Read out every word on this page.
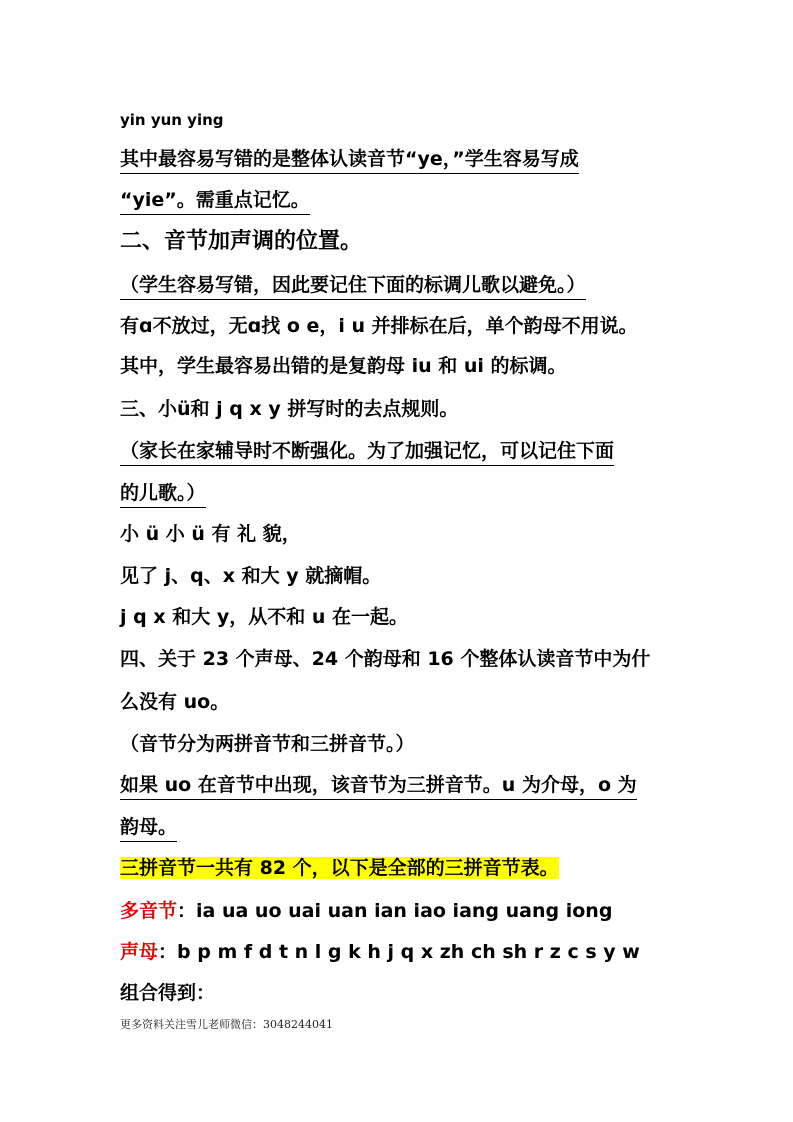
yin yun ying
其中最容易写错的是整体认读音节“ye，”学生容易写成
“yie”。需重点记忆。
二、音节加声调的位置。
（学生容易写错，因此要记住下面的标调儿歌以避免。）
有ɑ不放过，无ɑ找 o e，i u 并排标在后，单个韵母不用说。
其中，学生最容易出错的是复韵母 iu 和 ui 的标调。
三、小ü和 j q x y 拼写时的去点规则。
（家长在家辅导时不断强化。为了加强记忆，可以记住下面
的儿歌。）
小 ü 小 ü 有 礼 貌，
见了 j、q、x 和大 y 就摘帽。
j q x 和大 y，从不和 u 在一起。
四、关于 23 个声母、24 个韵母和 16 个整体认读音节中为什
么没有 uo。
（音节分为两拼音节和三拼音节。）
如果 uo 在音节中出现，该音节为三拼音节。u 为介母，o 为
韵母。
三拼音节一共有 82 个，以下是全部的三拼音节表。
多音节：ia ua uo uai uan ian iao iang uang iong
声母：b p m f d t n l g k h j q x zh ch sh r z c s y w
组合得到：
更多资料关注雪儿老师微信：3048244041
